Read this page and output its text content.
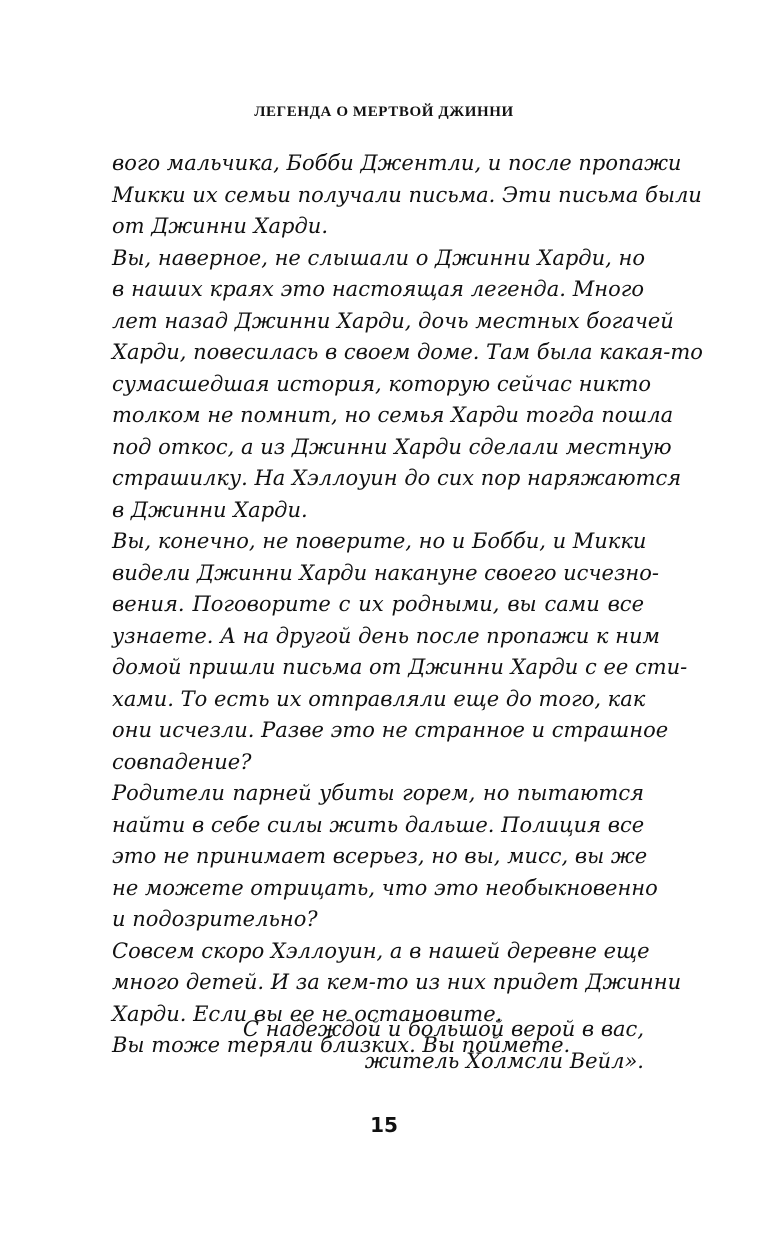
ЛЕГЕНДА О МЕРТВОЙ ДЖИННИ
вого мальчика, Бобби Джентли, и после пропажи
Микки их семьи получали письма. Эти письма были
от Джинни Харди.
Вы, наверное, не слышали о Джинни Харди, но
в наших краях это настоящая легенда. Много
лет назад Джинни Харди, дочь местных богачей
Харди, повесилась в своем доме. Там была какая-то
сумасшедшая история, которую сейчас никто
толком не помнит, но семья Харди тогда пошла
под откос, а из Джинни Харди сделали местную
страшилку. На Хэллоуин до сих пор наряжаются
в Джинни Харди.
Вы, конечно, не поверите, но и Бобби, и Микки
видели Джинни Харди накануне своего исчезно-
вения. Поговорите с их родными, вы сами все
узнаете. А на другой день после пропажи к ним
домой пришли письма от Джинни Харди с ее сти-
хами. То есть их отправляли еще до того, как
они исчезли. Разве это не странное и страшное
совпадение?
Родители парней убиты горем, но пытаются
найти в себе силы жить дальше. Полиция все
это не принимает всерьез, но вы, мисс, вы же
не можете отрицать, что это необыкновенно
и подозрительно?
Совсем скоро Хэллоуин, а в нашей деревне еще
много детей. И за кем-то из них придет Джинни
Харди. Если вы ее не остановите.
Вы тоже теряли близких. Вы поймете.
С надеждой и большой верой в вас,
житель Холмсли Вейл».
15
